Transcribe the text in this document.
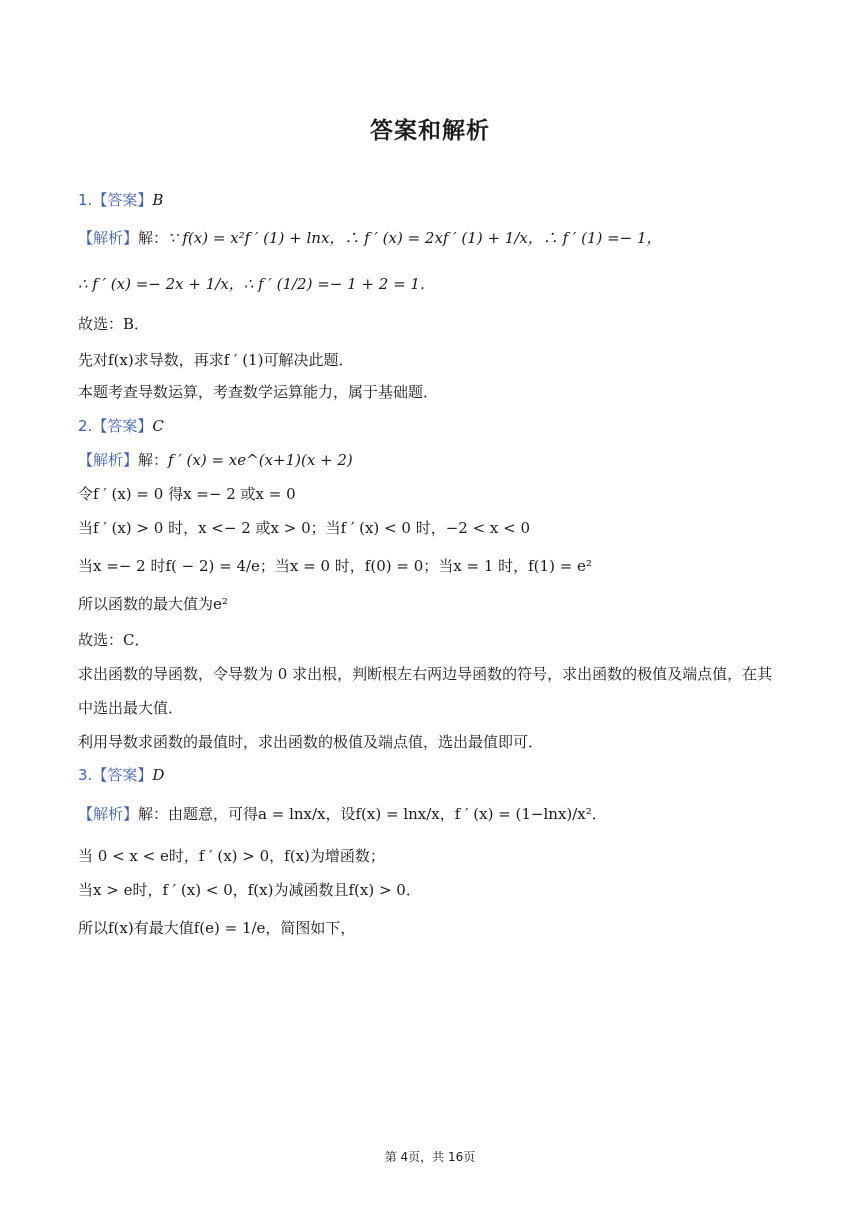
答案和解析
1.【答案】B
【解析】解：∵ f(x) = x²f ′ (1) + lnx，∴ f ′ (x) = 2xf ′ (1) + 1/x，∴ f ′ (1) =− 1，
∴ f ′ (x) =− 2x + 1/x，∴ f ′ (1/2) =− 1 + 2 = 1．
故选：B．
先对f(x)求导数，再求f ′ (1)可解决此题．
本题考查导数运算，考查数学运算能力，属于基础题．
2.【答案】C
【解析】解：f ′ (x) = xe^(x+1)(x + 2)
令f ′ (x) = 0 得x =− 2 或x = 0
当f ′ (x) > 0 时，x <− 2 或x > 0；当f ′ (x) < 0 时，−2 < x < 0
当x =− 2 时f( − 2) = 4/e；当x = 0 时，f(0) = 0；当x = 1 时，f(1) = e²
所以函数的最大值为e²
故选：C．
求出函数的导函数，令导数为 0 求出根，判断根左右两边导函数的符号，求出函数的极值及端点值，在其
中选出最大值．
利用导数求函数的最值时，求出函数的极值及端点值，选出最值即可．
3.【答案】D
【解析】解：由题意，可得a = lnx/x，设f(x) = lnx/x，f ′ (x) = (1−lnx)/x²．
当 0 < x < e时，f ′ (x) > 0，f(x)为增函数；
当x > e时，f ′ (x) < 0，f(x)为减函数且f(x) > 0．
所以f(x)有最大值f(e) = 1/e，简图如下，
第 4页，共 16页
